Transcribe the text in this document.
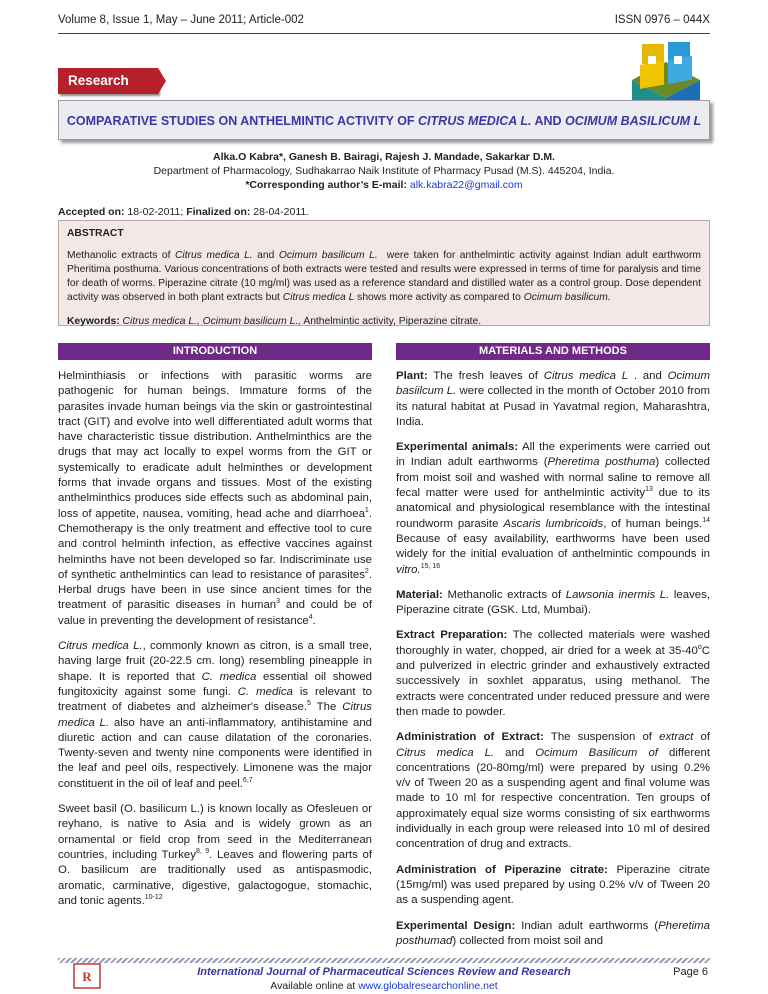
Volume 8, Issue 1, May – June 2011; Article-002	ISSN 0976 – 044X
Research
COMPARATIVE STUDIES ON ANTHELMINTIC ACTIVITY OF CITRUS MEDICA L. AND OCIMUM BASILICUM L
Alka.O Kabra*, Ganesh B. Bairagi, Rajesh J. Mandade, Sakarkar D.M.
Department of Pharmacology, Sudhakarrao Naik Institute of Pharmacy Pusad (M.S). 445204, India.
*Corresponding author’s E-mail: alk.kabra22@gmail.com
Accepted on: 18-02-2011; Finalized on: 28-04-2011.
ABSTRACT
Methanolic extracts of Citrus medica L. and Ocimum basilicum L.  were taken for anthelmintic activity against Indian adult earthworm Pheritima posthuma. Various concentrations of both extracts were tested and results were expressed in terms of time for paralysis and time for death of worms. Piperazine citrate (10 mg/ml) was used as a reference standard and distilled water as a control group. Dose dependent activity was observed in both plant extracts but Citrus medica L shows more activity as compared to Ocimum basilicum.
Keywords: Citrus medica L., Ocimum basilicum L., Anthelmintic activity, Piperazine citrate.
INTRODUCTION	MATERIALS AND METHODS

Helminthiasis or infections with parasitic worms are pathogenic for human beings. Immature forms of the parasites invade human beings via the skin or gastrointestinal tract (GIT) and evolve into well differentiated adult worms that have characteristic tissue distribution. Anthelminthics are the drugs that may act locally to expel worms from the GIT or systemically to eradicate adult helminthes or development forms that invade organs and tissues. Most of the existing anthelminthics produces side effects such as abdominal pain, loss of appetite, nausea, vomiting, head ache and diarrhoea$^1$. Chemotherapy is the only treatment and effective tool to cure and control helminth infection, as effective vaccines against helminths have not been developed so far. Indiscriminate use of synthetic anthelmintics can lead to resistance of parasites$^2$. Herbal drugs have been in use since ancient times for the treatment of parasitic diseases in human$^3$ and could be of value in preventing the development of resistance$^4$.

Citrus medica L., commonly known as citron, is a small tree, having large fruit (20-22.5 cm. long) resembling pineapple in shape. It is reported that C. medica essential oil showed fungitoxicity against some fungi. C. medica is relevant to treatment of diabetes and alzheimer's disease.$^5$ The Citrus medica L. also have an anti-inflammatory, antihistamine and diuretic action and can cause dilatation of the coronaries. Twenty-seven and twenty nine components were identified in the leaf and peel oils, respectively. Limonene was the major constituent in the oil of leaf and peel.$^{6,7}$

Sweet basil (O. basilicum L.) is known locally as Ofesleuen or reyhano, is native to Asia and is widely grown as an ornamental or field crop from seed in the Mediterranean countries, including Turkey$^{8, 9}$. Leaves and flowering parts of O. basilicum are traditionally used as antispasmodic, aromatic, carminative, digestive, galactogogue, stomachic, and tonic agents.$^{10-12}$

Plant: The fresh leaves of Citrus medica L . and Ocimum basiilcum L. were collected in the month of October 2010 from its natural habitat at Pusad in Yavatmal region, Maharashtra, India.

Experimental animals: All the experiments were carried out in Indian adult earthworms (Pheretima posthuma) collected from moist soil and washed with normal saline to remove all fecal matter were used for anthelmintic activity$^{13}$ due to its anatomical and physiological resemblance with the intestinal roundworm parasite Ascaris lumbricoids, of human beings.$^{14}$ Because of easy availability, earthworms have been used widely for the initial evaluation of anthelmintic compounds in vitro.$^{15, 16}$

Material: Methanolic extracts of Lawsonia inermis L. leaves, Piperazine citrate (GSK. Ltd, Mumbai).

Extract Preparation: The collected materials were washed thoroughly in water, chopped, air dried for a week at 35-40$^o$C and pulverized in electric grinder and exhaustively extracted successively in soxhlet apparatus, using methanol. The extracts were concentrated under reduced pressure and were then made to powder.

Administration of Extract: The suspension of extract of Citrus medica L. and Ocimum Basilicum of different concentrations (20-80mg/ml) were prepared by using 0.2% v/v of Tween 20 as a suspending agent and final volume was made to 10 ml for respective concentration. Ten groups of approximately equal size worms consisting of six earthworms individually in each group were released into 10 ml of desired concentration of drug and extracts.

Administration of Piperazine citrate: Piperazine citrate (15mg/ml) was used prepared by using 0.2% v/v of Tween 20 as a suspending agent.

Experimental Design: Indian adult earthworms (Pheretima posthumad) collected from moist soil and

R	International Journal of Pharmaceutical Sciences Review and Research
Available online at www.globalresearchonline.net
Page 6
